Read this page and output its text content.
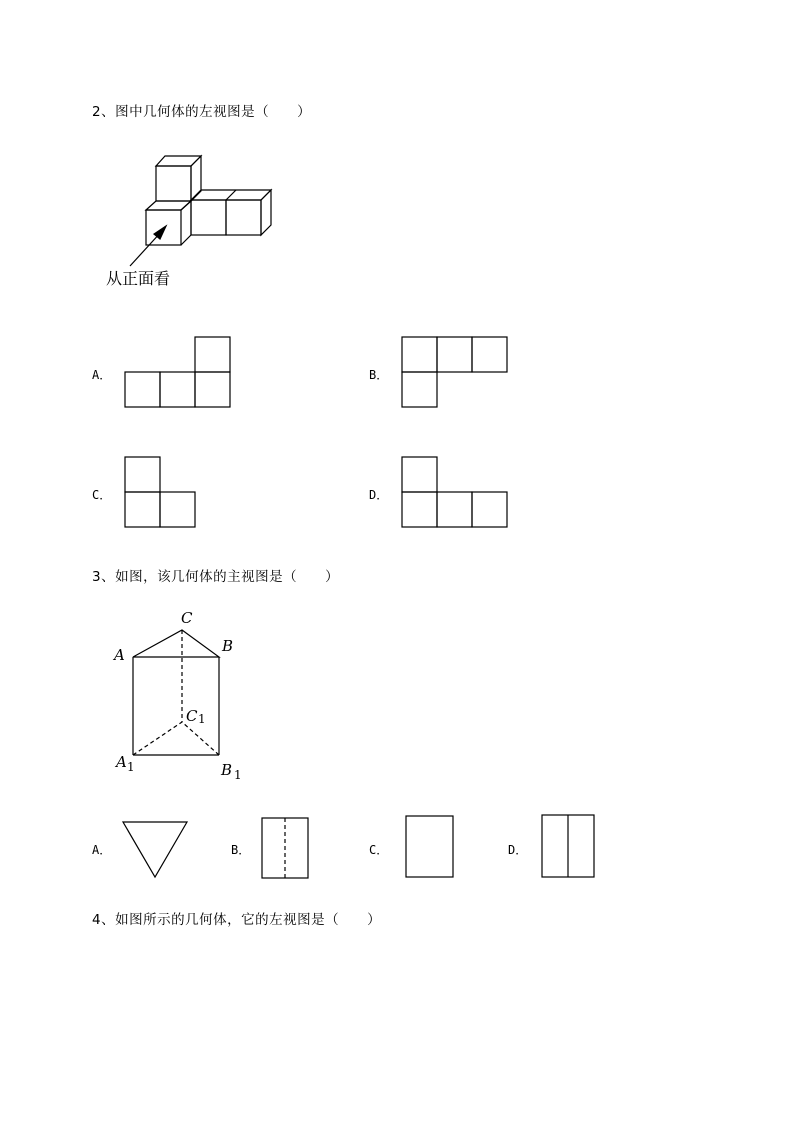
2、图中几何体的左视图是（　　）
C
A	B
C 1
A 1	B 1
从正面看
A．	B．
C．	D．
3、如图，该几何体的主视图是（　　）
A．	B．	C．	D．
4、如图所示的几何体，它的左视图是（　　）
